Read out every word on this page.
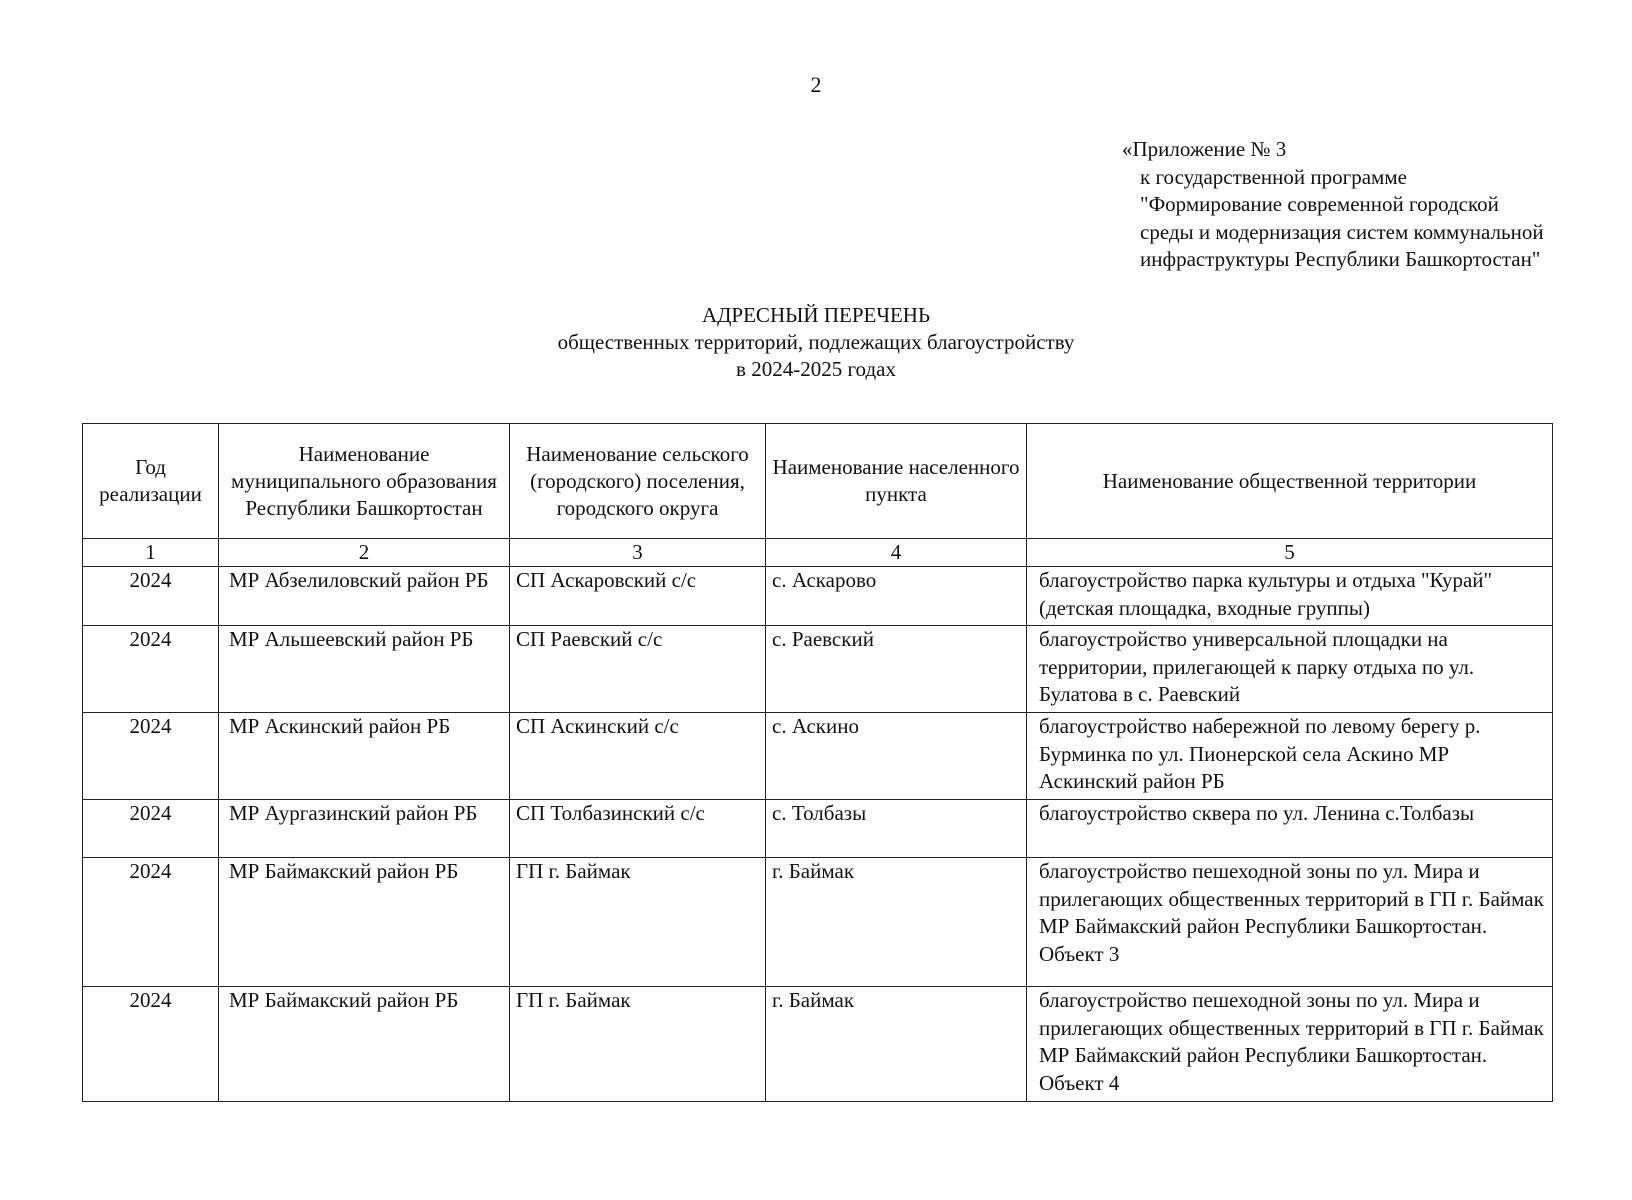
2
«Приложение № 3
к государственной программе
"Формирование современной городской
среды и модернизация систем коммунальной
инфраструктуры Республики Башкортостан"
АДРЕСНЫЙ ПЕРЕЧЕНЬ
общественных территорий, подлежащих благоустройству
в 2024-2025 годах
Год реализации	Наименование муниципального образования Республики Башкортостан	Наименование сельского (городского) поселения, городского округа	Наименование населенного пункта	Наименование общественной территории
1	2	3	4	5
2024	МР Абзелиловский район РБ	СП Аскаровский с/с	с. Аскарово	благоустройство парка культуры и отдыха "Курай" (детская площадка, входные группы)
2024	МР Альшеевский район РБ	СП Раевский с/с	с. Раевский	благоустройство универсальной площадки на территории, прилегающей к парку отдыха по ул. Булатова в с. Раевский
2024	МР Аскинский район РБ	СП Аскинский с/с	с. Аскино	благоустройство набережной по левому берегу р. Бурминка по ул. Пионерской села Аскино МР Аскинский район РБ
2024	МР Аургазинский район РБ	СП Толбазинский с/с	с. Толбазы	благоустройство сквера по ул. Ленина с.Толбазы
2024	МР Баймакский район РБ	ГП г. Баймак	г. Баймак	благоустройство пешеходной зоны по ул. Мира и прилегающих общественных территорий в ГП г. Баймак МР Баймакский район Республики Башкортостан. Объект 3
2024	МР Баймакский район РБ	ГП г. Баймак	г. Баймак	благоустройство пешеходной зоны по ул. Мира и прилегающих общественных территорий в ГП г. Баймак МР Баймакский район Республики Башкортостан. Объект 4
